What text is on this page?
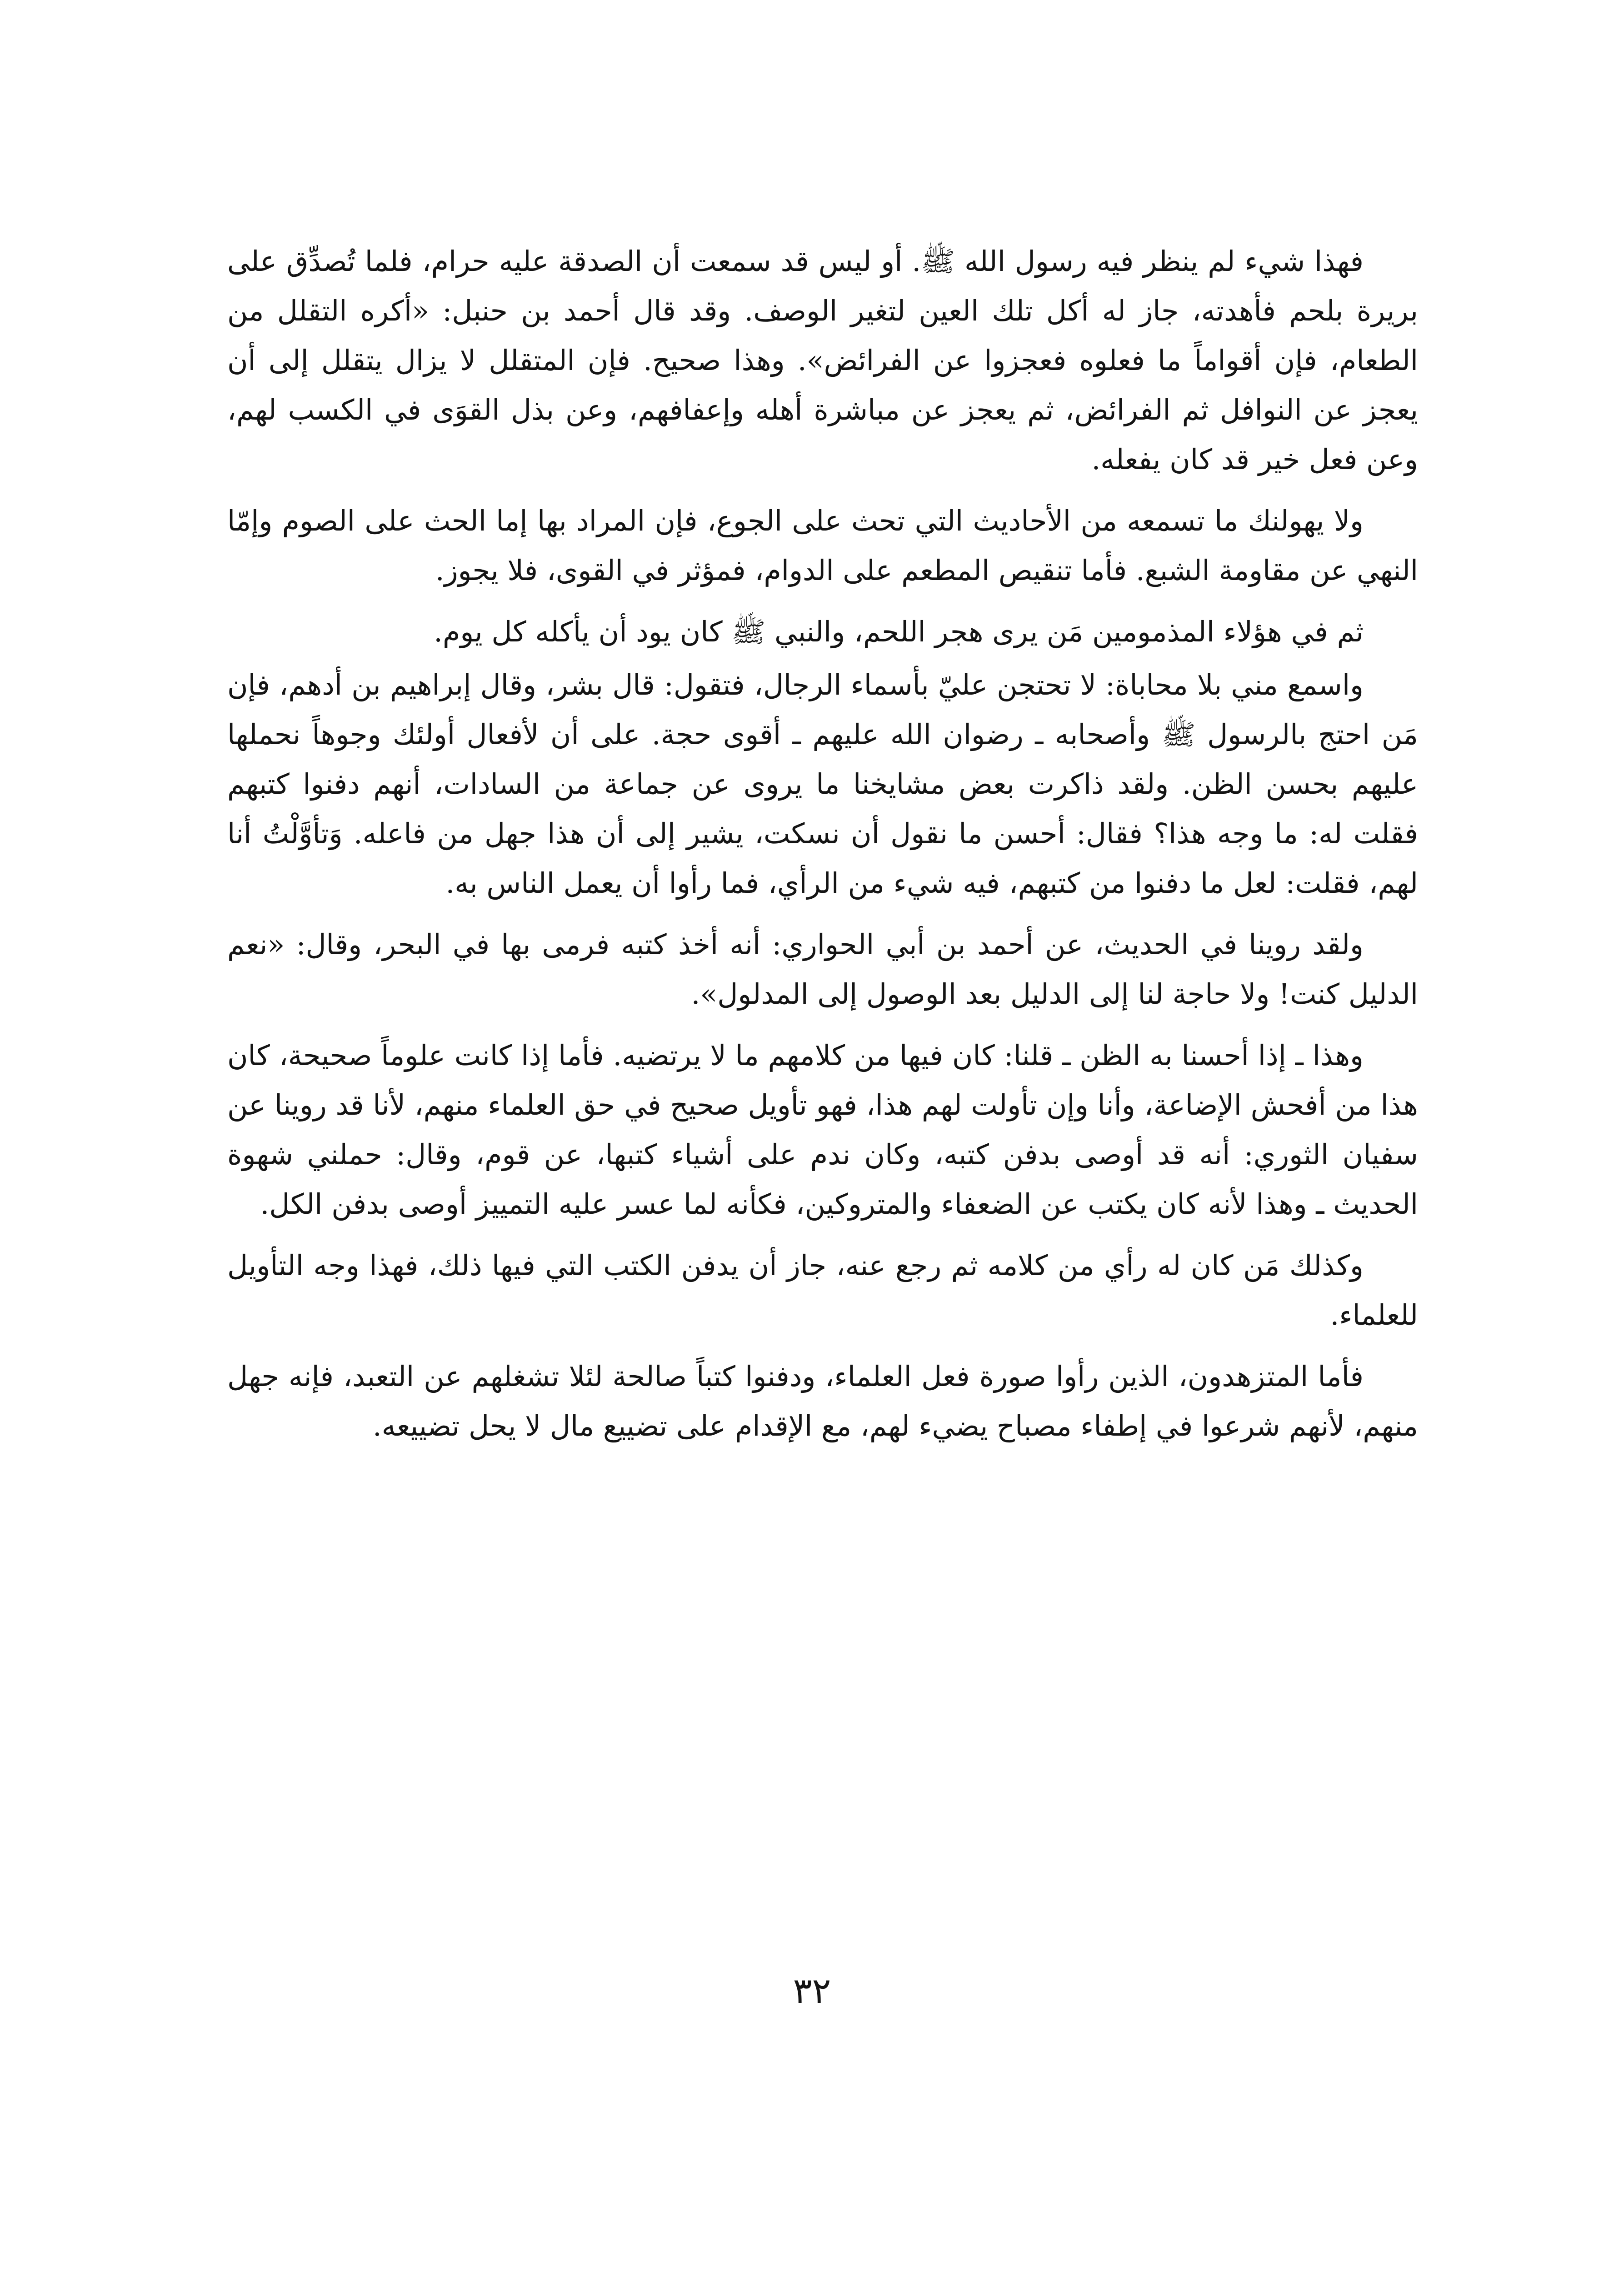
فهذا شيء لم ينظر فيه رسول الله ﷺ. أو ليس قد سمعت أن الصدقة عليه حرام، فلما تُصدِّق على بريرة بلحم فأهدته، جاز له أكل تلك العين لتغير الوصف. وقد قال أحمد بن حنبل: «أكره التقلل من الطعام، فإن أقواماً ما فعلوه فعجزوا عن الفرائض». وهذا صحيح. فإن المتقلل لا يزال يتقلل إلى أن يعجز عن النوافل ثم الفرائض، ثم يعجز عن مباشرة أهله وإعفافهم، وعن بذل القوَى في الكسب لهم، وعن فعل خير قد كان يفعله.

ولا يهولنك ما تسمعه من الأحاديث التي تحث على الجوع، فإن المراد بها إما الحث على الصوم وإمّا النهي عن مقاومة الشبع. فأما تنقيص المطعم على الدوام، فمؤثر في القوى، فلا يجوز.

ثم في هؤلاء المذمومين مَن يرى هجر اللحم، والنبي ﷺ كان يود أن يأكله كل يوم.

واسمع مني بلا محاباة: لا تحتجن عليّ بأسماء الرجال، فتقول: قال بشر، وقال إبراهيم بن أدهم، فإن مَن احتج بالرسول ﷺ وأصحابه ـ رضوان الله عليهم ـ أقوى حجة. على أن لأفعال أولئك وجوهاً نحملها عليهم بحسن الظن. ولقد ذاكرت بعض مشايخنا ما يروى عن جماعة من السادات، أنهم دفنوا كتبهم فقلت له: ما وجه هذا؟ فقال: أحسن ما نقول أن نسكت، يشير إلى أن هذا جهل من فاعله. وَتأوَّلْتُ أنا لهم، فقلت: لعل ما دفنوا من كتبهم، فيه شيء من الرأي، فما رأوا أن يعمل الناس به.

ولقد روينا في الحديث، عن أحمد بن أبي الحواري: أنه أخذ كتبه فرمى بها في البحر، وقال: «نعم الدليل كنت! ولا حاجة لنا إلى الدليل بعد الوصول إلى المدلول».

وهذا ـ إذا أحسنا به الظن ـ قلنا: كان فيها من كلامهم ما لا يرتضيه. فأما إذا كانت علوماً صحيحة، كان هذا من أفحش الإضاعة، وأنا وإن تأولت لهم هذا، فهو تأويل صحيح في حق العلماء منهم، لأنا قد روينا عن سفيان الثوري: أنه قد أوصى بدفن كتبه، وكان ندم على أشياء كتبها، عن قوم، وقال: حملني شهوة الحديث ـ وهذا لأنه كان يكتب عن الضعفاء والمتروكين، فكأنه لما عسر عليه التمييز أوصى بدفن الكل.

وكذلك مَن كان له رأي من كلامه ثم رجع عنه، جاز أن يدفن الكتب التي فيها ذلك، فهذا وجه التأويل للعلماء.

فأما المتزهدون، الذين رأوا صورة فعل العلماء، ودفنوا كتباً صالحة لئلا تشغلهم عن التعبد، فإنه جهل منهم، لأنهم شرعوا في إطفاء مصباح يضيء لهم، مع الإقدام على تضييع مال لا يحل تضييعه.

٣٢
